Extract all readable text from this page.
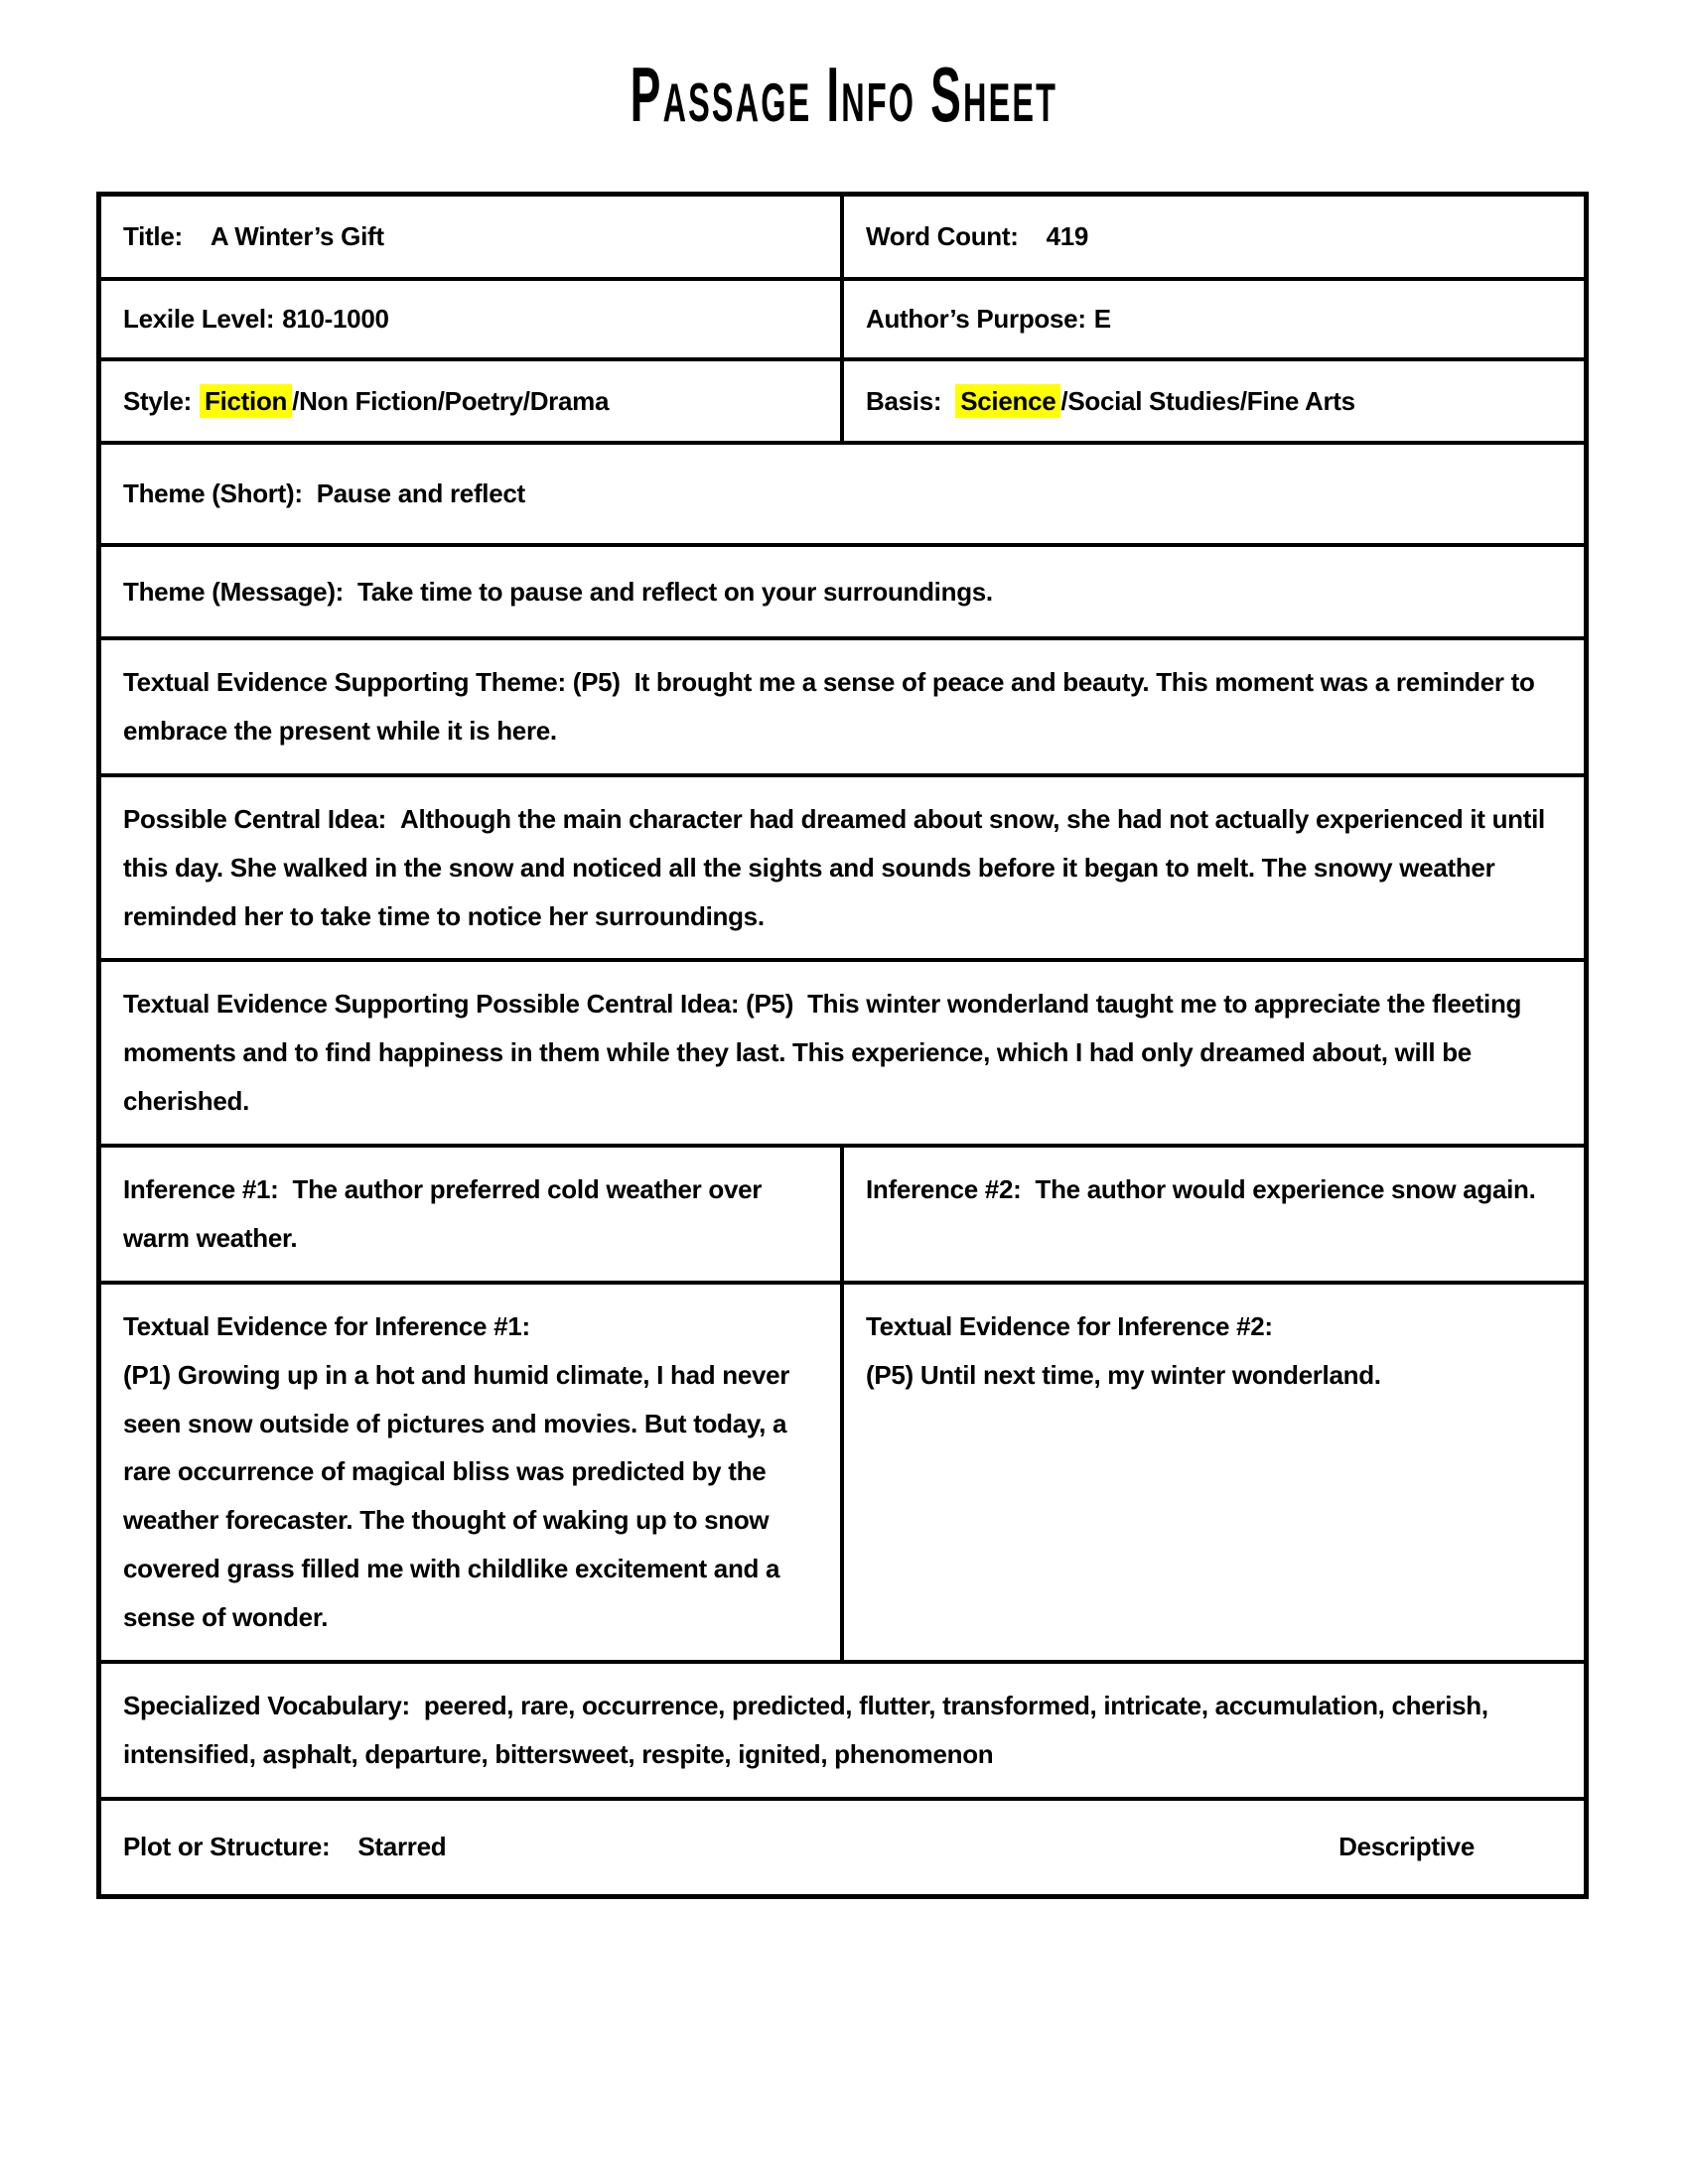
Passage Info Sheet

Title: A Winter’s Gift	Word Count: 419

Lexile Level: 810-1000	Author’s Purpose: E

Style: Fiction /Non Fiction/Poetry/Drama	Basis: Science /Social Studies/Fine Arts

Theme (Short): Pause and reflect

Theme (Message): Take time to pause and reflect on your surroundings.

Textual Evidence Supporting Theme: (P5) It brought me a sense of peace and beauty. This moment was a reminder to embrace the present while it is here.

Possible Central Idea: Although the main character had dreamed about snow, she had not actually experienced it until this day. She walked in the snow and noticed all the sights and sounds before it began to melt. The snowy weather reminded her to take time to notice her surroundings.

Textual Evidence Supporting Possible Central Idea: (P5) This winter wonderland taught me to appreciate the fleeting moments and to find happiness in them while they last. This experience, which I had only dreamed about, will be cherished.

Inference #1: The author preferred cold weather over warm weather.

Inference #2: The author would experience snow again.

Textual Evidence for Inference #1:

(P1) Growing up in a hot and humid climate, I had never seen snow outside of pictures and movies. But today, a rare occurrence of magical bliss was predicted by the weather forecaster. The thought of waking up to snow covered grass filled me with childlike excitement and a sense of wonder.

Textual Evidence for Inference #2:

(P5) Until next time, my winter wonderland.

Specialized Vocabulary: peered, rare, occurrence, predicted, flutter, transformed, intricate, accumulation, cherish, intensified, asphalt, departure, bittersweet, respite, ignited, phenomenon

Plot or Structure: Starred	Descriptive
